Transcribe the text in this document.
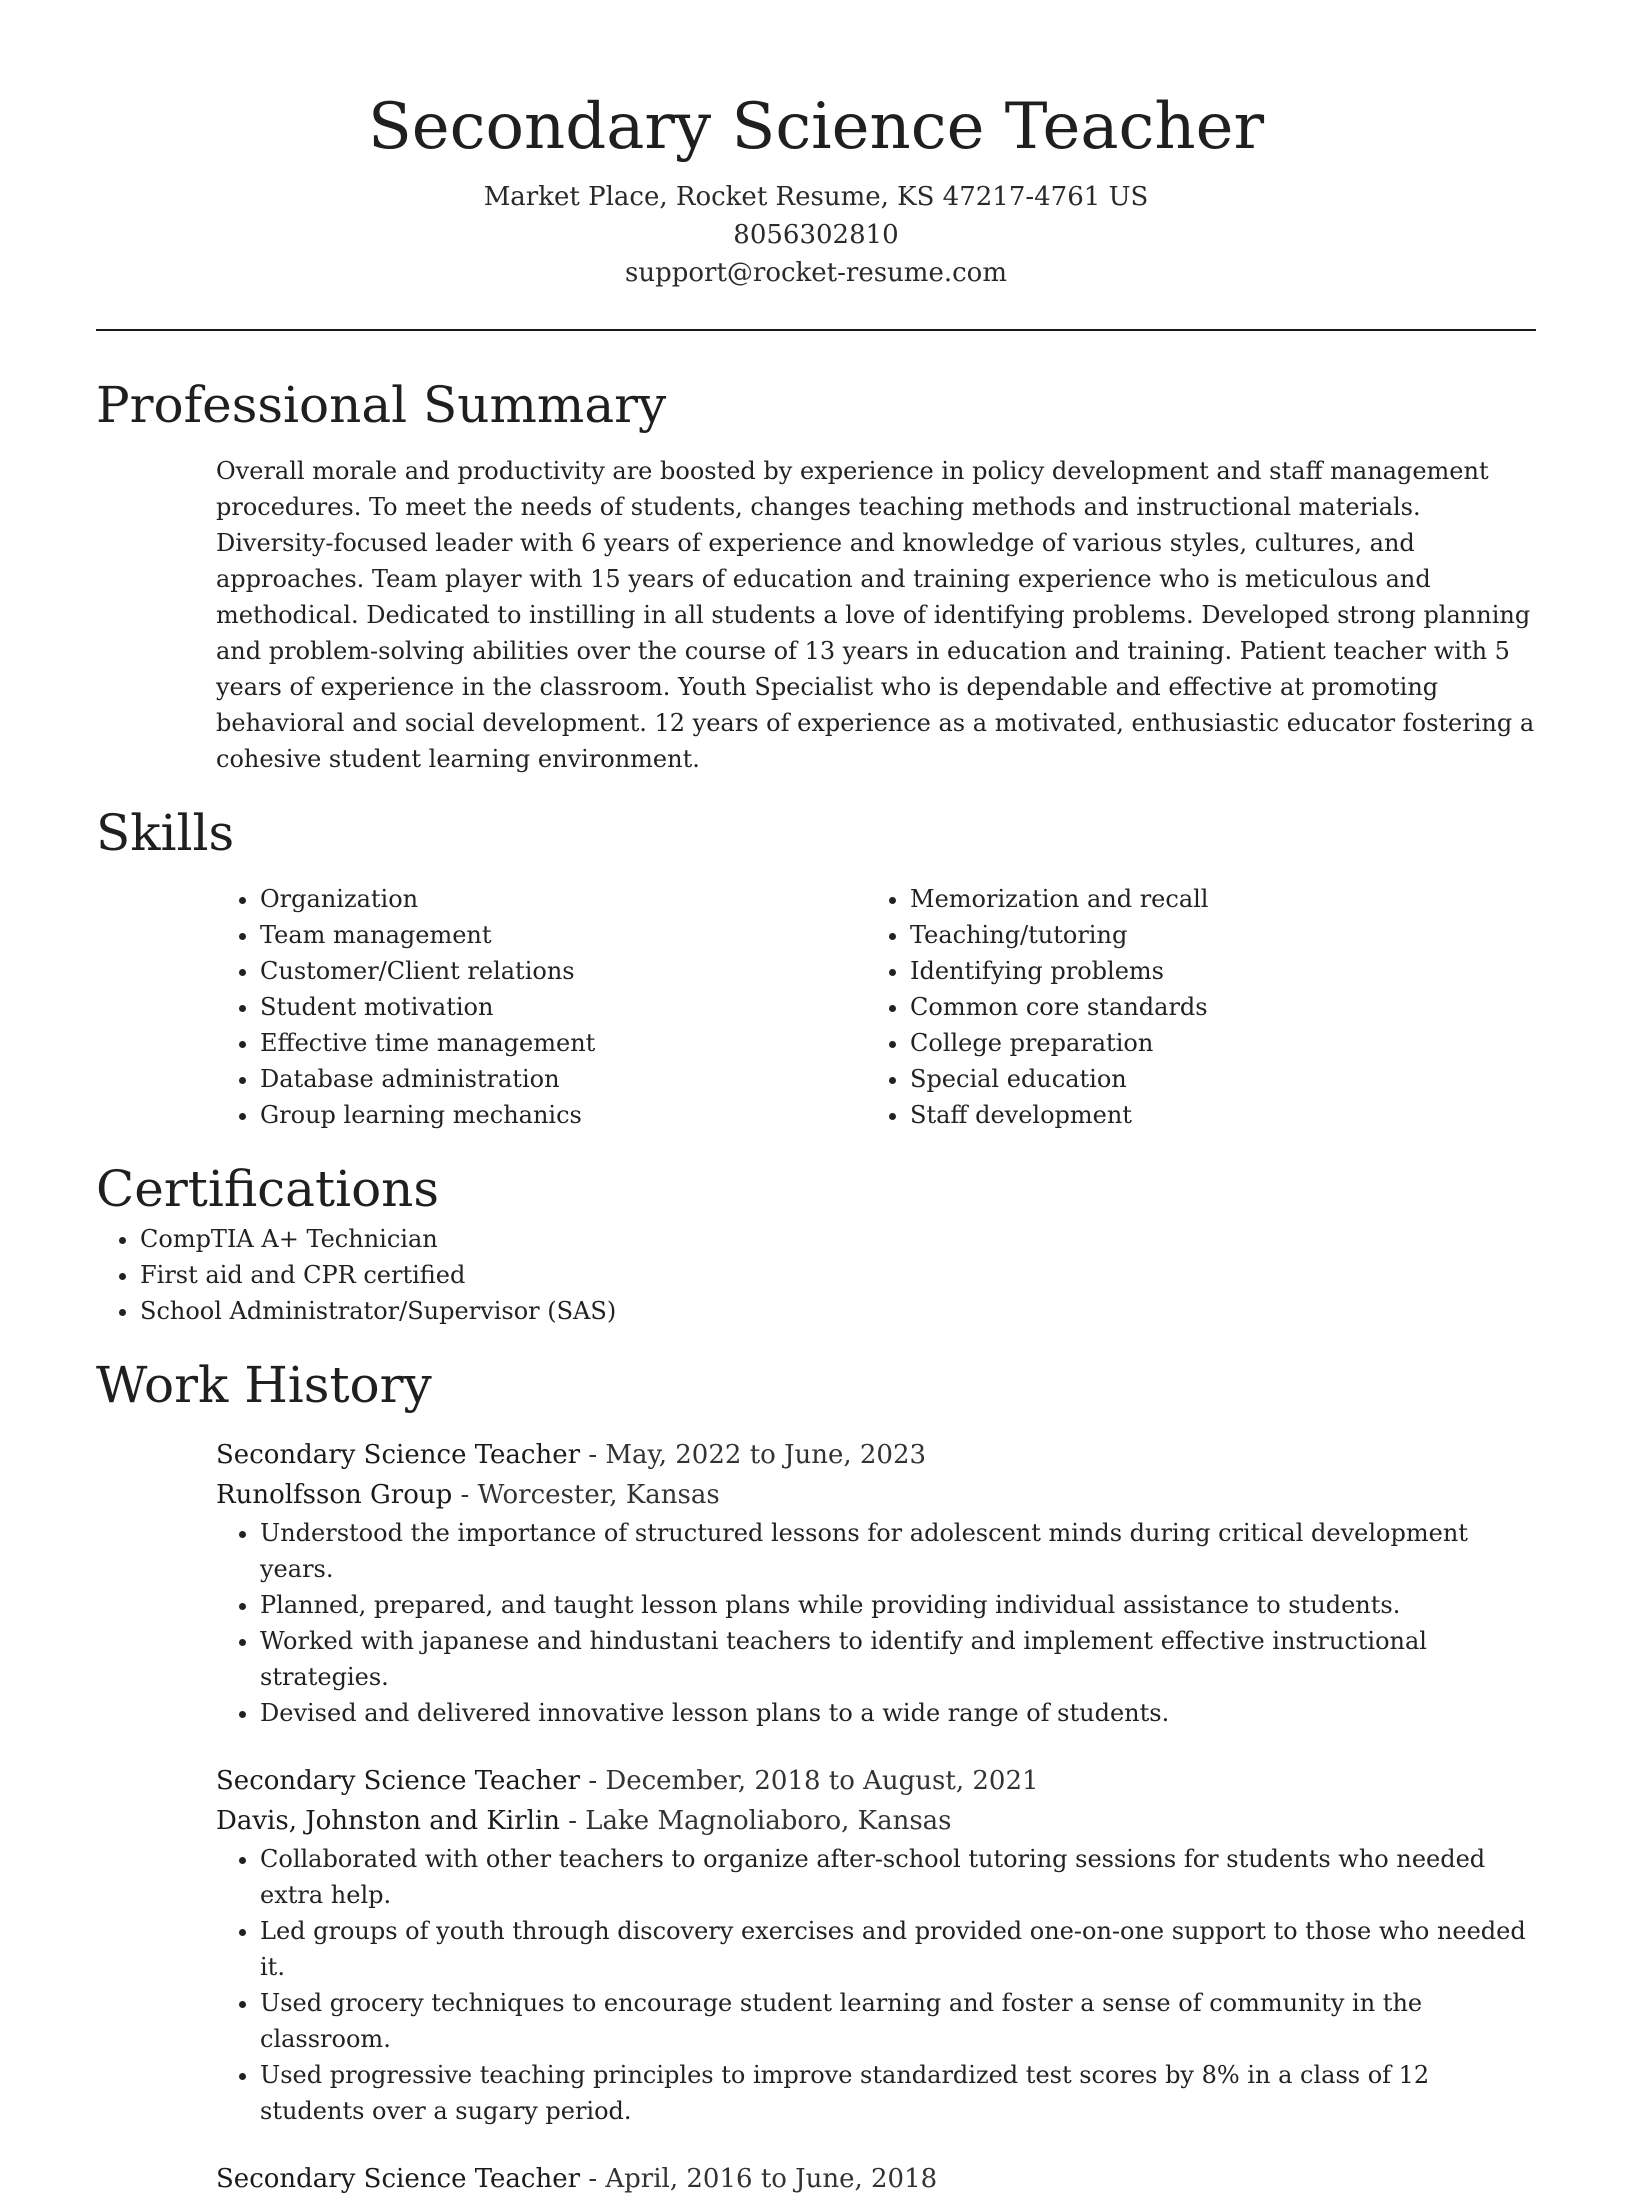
Secondary Science Teacher
Market Place, Rocket Resume, KS 47217-4761 US
8056302810
support@rocket-resume.com
Professional Summary
Overall morale and productivity are boosted by experience in policy development and staff management procedures. To meet the needs of students, changes teaching methods and instructional materials. Diversity-focused leader with 6 years of experience and knowledge of various styles, cultures, and approaches. Team player with 15 years of education and training experience who is meticulous and methodical. Dedicated to instilling in all students a love of identifying problems. Developed strong planning and problem-solving abilities over the course of 13 years in education and training. Patient teacher with 5 years of experience in the classroom. Youth Specialist who is dependable and effective at promoting behavioral and social development. 12 years of experience as a motivated, enthusiastic educator fostering a cohesive student learning environment.
Skills
• Organization
• Team management
• Customer/Client relations
• Student motivation
• Effective time management
• Database administration
• Group learning mechanics
• Memorization and recall
• Teaching/tutoring
• Identifying problems
• Common core standards
• College preparation
• Special education
• Staff development
Certifications
• CompTIA A+ Technician
• First aid and CPR certified
• School Administrator/Supervisor (SAS)
Work History
Secondary Science Teacher - May, 2022 to June, 2023
Runolfsson Group - Worcester, Kansas
• Understood the importance of structured lessons for adolescent minds during critical development years.
• Planned, prepared, and taught lesson plans while providing individual assistance to students.
• Worked with japanese and hindustani teachers to identify and implement effective instructional strategies.
• Devised and delivered innovative lesson plans to a wide range of students.
Secondary Science Teacher - December, 2018 to August, 2021
Davis, Johnston and Kirlin - Lake Magnoliaboro, Kansas
• Collaborated with other teachers to organize after-school tutoring sessions for students who needed extra help.
• Led groups of youth through discovery exercises and provided one-on-one support to those who needed it.
• Used grocery techniques to encourage student learning and foster a sense of community in the classroom.
• Used progressive teaching principles to improve standardized test scores by 8% in a class of 12 students over a sugary period.
Secondary Science Teacher - April, 2016 to June, 2018
